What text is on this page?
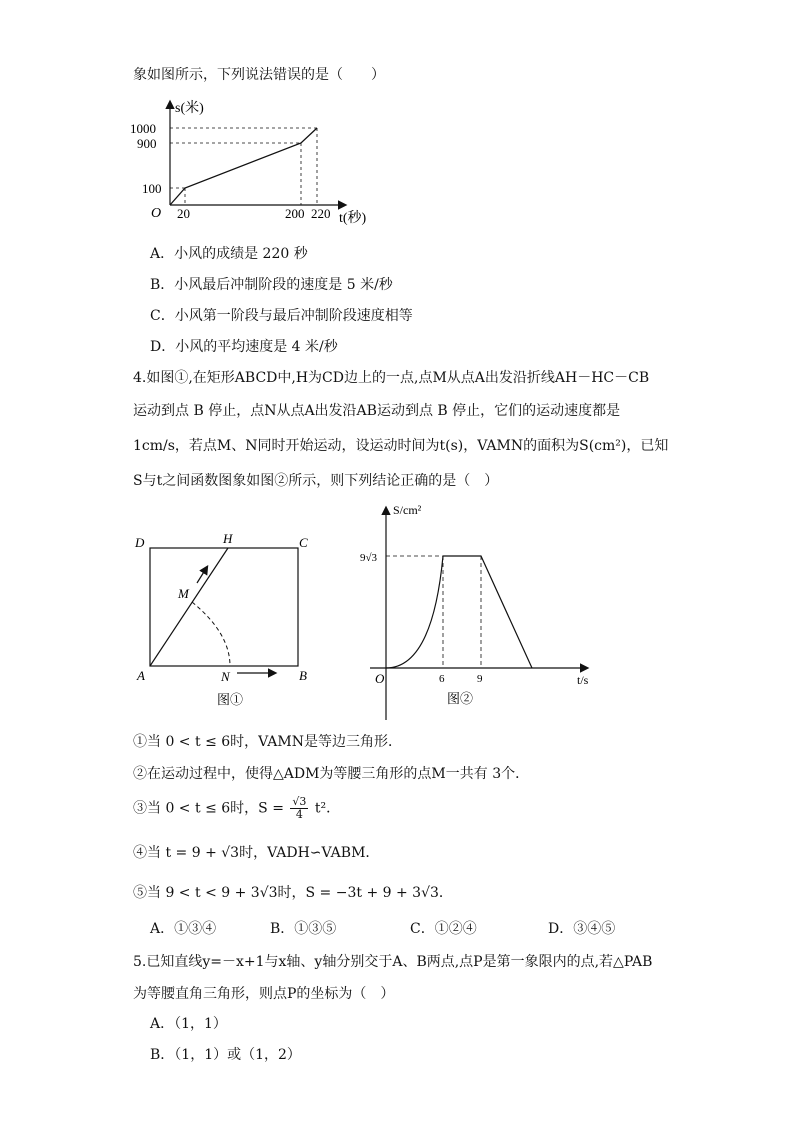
象如图所示，下列说法错误的是（　　）
s(米)
1000
900
100
O 20	200 220 t(秒)
A．小风的成绩是 220 秒
B．小风最后冲制阶段的速度是 5 米/秒
C．小风第一阶段与最后冲制阶段速度相等
D．小风的平均速度是 4 米/秒
4.如图①,在矩形ABCD中,H为CD边上的一点,点M从点A出发沿折线AH－HC－CB
运动到点 B 停止，点N从点A出发沿AB运动到点 B 停止，它们的运动速度都是
1cm/s，若点M、N同时开始运动，设运动时间为t(s)，VAMN的面积为S(cm²)，已知
S与t之间函数图象如图②所示，则下列结论正确的是（　）
D	H	C
M
A	N	B
图①
S/cm²
9√3
6	9
O	t/s
图②
①当 0 < t ≤ 6时，VAMN是等边三角形．
②在运动过程中，使得△ADM为等腰三角形的点M一共有 3个．
③当 0 < t ≤ 6时，$S = \frac{√3}{4} t^2$．
④当 t = 9 + √3时，VADH∽VABM．
⑤当 9 < t < 9 + 3√3时，S = −3t + 9 + 3√3．
A．①③④	B．①③⑤	C．①②④	D．③④⑤
5.已知直线y=－x+1与x轴、y轴分别交于A、B两点,点P是第一象限内的点,若△PAB
为等腰直角三角形，则点P的坐标为（　）
A．（1，1）
B．（1，1）或（1，2）
